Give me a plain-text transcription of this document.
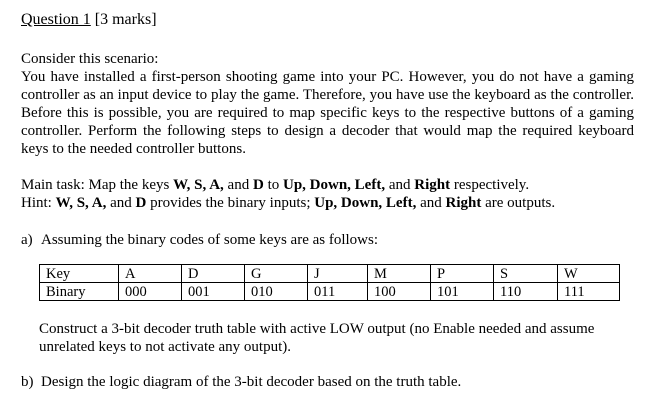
Question 1 [3 marks]

Consider this scenario:

You have installed a first-person shooting game into your PC. However, you do not have a gaming controller as an input device to play the game. Therefore, you have use the keyboard as the controller. Before this is possible, you are required to map specific keys to the respective buttons of a gaming controller. Perform the following steps to design a decoder that would map the required keyboard keys to the needed controller buttons.

Main task: Map the keys W, S, A, and D to Up, Down, Left, and Right respectively.

Hint: W, S, A, and D provides the binary inputs; Up, Down, Left, and Right are outputs.

a) Assuming the binary codes of some keys are as follows:
Key	A	D	G	J	M	P	S	W
Binary	000	001	010	011	100	101	110	111
Construct a 3-bit decoder truth table with active LOW output (no Enable needed and assume unrelated keys to not activate any output).
b) Design the logic diagram of the 3-bit decoder based on the truth table.
